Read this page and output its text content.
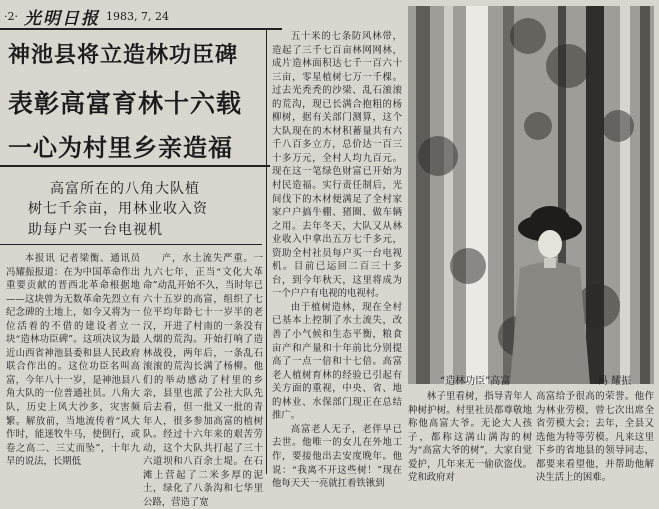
·2· 光明日报 1983, 7, 24
神池县将立造林功臣碑
表彰高富育林十六载
一心为村里乡亲造福
高富所在的八角大队植
树七千余亩，用林业收入资
助每户买一台电视机

本报讯 记者梁衡、通讯员冯耀振报道：在为中国革命作出重要贡献的晋西北革命根据地——这块曾为无数革命先烈立有纪念碑的土地上，如今又将为一位活着的不借的建设者立一块“造林功臣碑”。这项决议为最近山西省神池县委和县人民政府联合作出的。这位功臣名叫高富，今年八十一岁，是神池县八角大队的一位普通社员。八角大队，历史上风大沙多，灾害频繁。解放前，当地流传着“风大作时，能迷牧牛马，使倒行，或卷之高二、三丈而坠”，十年九旱的说法，长期低

产，水土流失严重。一九六七年，正当“文化大革命”动乱开始不久，当时年已六十五岁的高富，组织了七位平均年龄七十一岁半的老汉，开进了村南的一条没有人烟的荒沟。开始打响了造林战役，两年后，一条乱石滚滚的荒沟长满了杨柳。他们的举动感动了村里的乡亲，县里也派了公社大队先后去看，但一批又一批的青年人，很多参加高富的植树队。经过十六年来的艰苦劳动，这个大队共打起了三十六道坝和八百余土堤。在石滩上营起了二米多厚的泥土，绿化了八条沟和七华里公路，营造了宽

五十米的七条防风林带，造起了三千七百亩林网网林，成片造林面积达七千一百六十三亩，零星植树七万一千棵。过去光秃秃的沙梁、乱石滚滚的荒沟，现已长满合抱粗的杨柳树，据有关部门测算，这个大队现在的木材积蓄量共有六千八百多立方，总价达一百三十多万元，全村人均九百元。现在这一笔绿色财富已开始为村民造福。实行责任制后，光间伐下的木材便满足了全村家家户户搞牛棚、猪圈、做车辆之用。去年冬天，大队又从林业收入中拿出五万七千多元，资助全村社员每户买一台电视机。目前已运回二百三十多台，到今年秋天，这里将成为一个户户有电视的电视村。

由于植树造林，现在全村已基本上控制了水土流失，改善了小气候和生态平衡，粮食亩产和产量和十年前比分别提高了一点一倍和十七倍。高富老人植树育林的经验已引起有关方面的重视，中央、省、地的林业、水保部门现正在总结推广。

高富老人无子，老伴早已去世。他唯一的女儿在外地工作，要接他出去安度晚年。他说：“我离不开这些树！”现在他每天天一亮就扛着铁锹到

“造林功臣”高富	冯 耀振

林子里看树，指导青年人种树护树。村里社员都尊敬地称他高富大爷。无论大人孩子，都称这满山满沟的树为“高富大爷的树”，大家自觉爱护，几年来无一偷砍盗伐。党和政府对

高富给予很高的荣誉。他作为林业劳模，曾七次出席全省劳模大会；去年，全县又选他为特等劳模。凡来这里下乡的省地县的领导同志，都要来看望他，并帮助他解决生活上的困难。
